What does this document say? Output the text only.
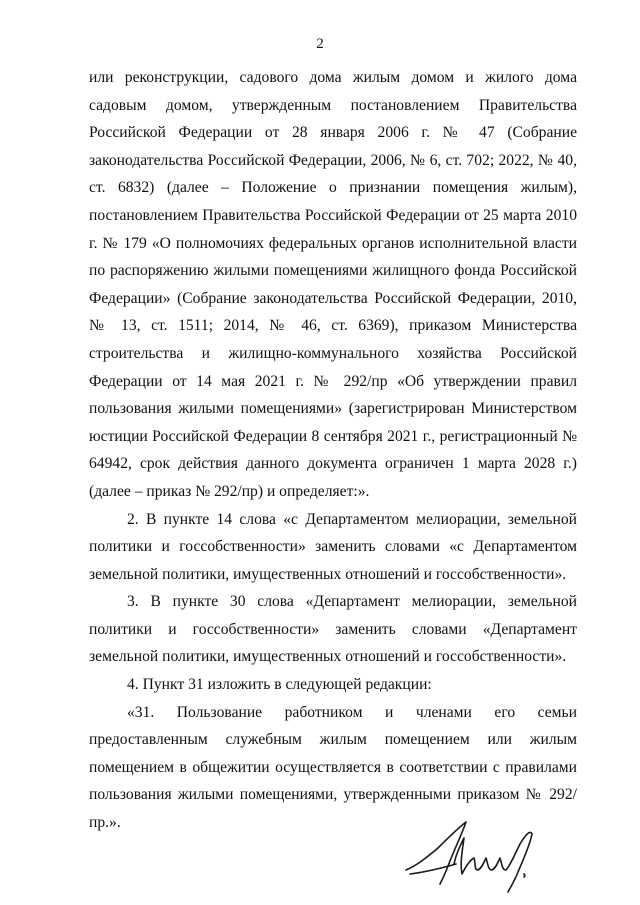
2

или реконструкции, садового дома жилым домом и жилого дома садовым домом, утвержденным постановлением Правительства Российской Федерации от 28 января 2006 г. № 47 (Собрание законодательства Российской Федерации, 2006, № 6, ст. 702; 2022, № 40, ст. 6832) (далее – Положение о признании помещения жилым), постановлением Правительства Российской Федерации от 25 марта 2010 г. № 179 «О полномочиях федеральных органов исполнительной власти по распоряжению жилыми помещениями жилищного фонда Российской Федерации» (Собрание законодательства Российской Федерации, 2010, № 13, ст. 1511; 2014, № 46, ст. 6369), приказом Министерства строительства и жилищно-коммунального хозяйства Российской Федерации от 14 мая 2021 г. № 292/пр «Об утверждении правил пользования жилыми помещениями» (зарегистрирован Министерством юстиции Российской Федерации 8 сентября 2021 г., регистрационный № 64942, срок действия данного документа ограничен 1 марта 2028 г.) (далее – приказ № 292/пр) и определяет:».

2. В пункте 14 слова «с Департаментом мелиорации, земельной политики и госсобственности» заменить словами «с Департаментом земельной политики, имущественных отношений и госсобственности».

3. В пункте 30 слова «Департамент мелиорации, земельной политики и госсобственности» заменить словами «Департамент земельной политики, имущественных отношений и госсобственности».

4. Пункт 31 изложить в следующей редакции:

«31. Пользование работником и членами его семьи предоставленным служебным жилым помещением или жилым помещением в общежитии осуществляется в соответствии с правилами пользования жилыми помещениями, утвержденными приказом № 292/пр.».
